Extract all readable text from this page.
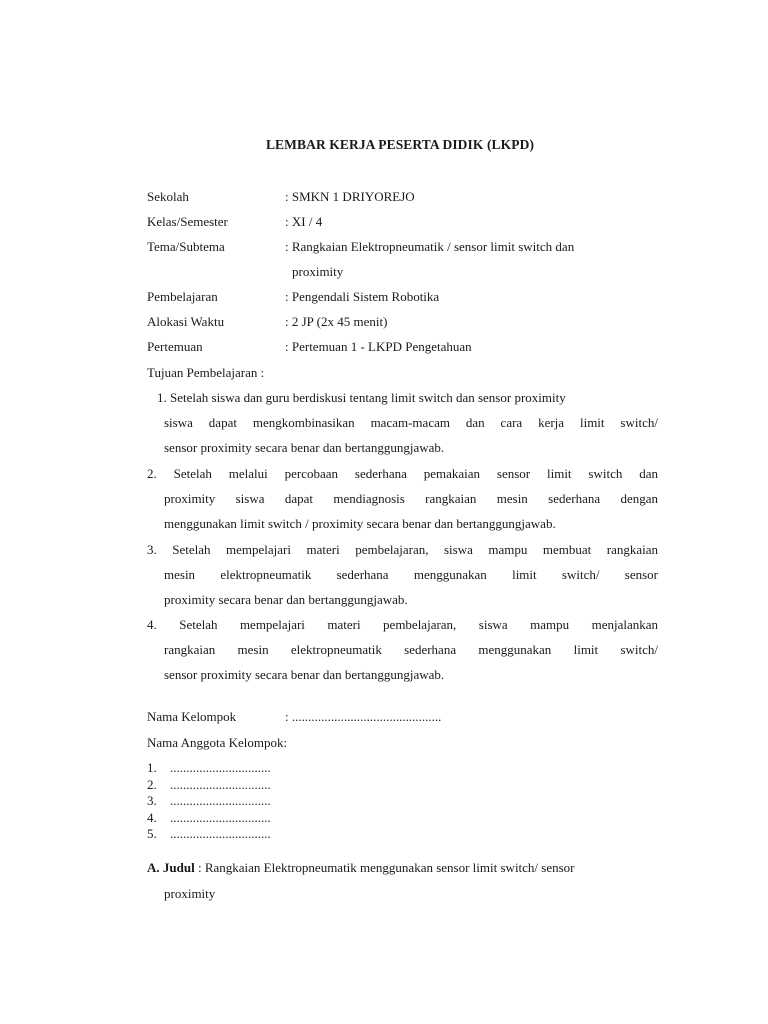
LEMBAR KERJA PESERTA DIDIK (LKPD)
Sekolah	: SMKN 1 DRIYOREJO
Kelas/Semester	: XI / 4
Tema/Subtema	: Rangkaian Elektropneumatik / sensor limit switch dan
proximity
Pembelajaran	: Pengendali Sistem Robotika
Alokasi Waktu	: 2 JP (2x 45 menit)
Pertemuan	: Pertemuan 1 - LKPD Pengetahuan
Tujuan Pembelajaran :
1. Setelah siswa dan guru berdiskusi tentang limit switch dan sensor proximity
siswa dapat mengkombinasikan macam-macam dan cara kerja limit switch/
sensor proximity secara benar dan bertanggungjawab.
2. Setelah melalui percobaan sederhana pemakaian sensor limit switch dan
proximity siswa dapat mendiagnosis rangkaian mesin sederhana dengan
menggunakan limit switch / proximity secara benar dan bertanggungjawab.
3. Setelah mempelajari materi pembelajaran, siswa mampu membuat rangkaian
mesin elektropneumatik sederhana menggunakan limit switch/ sensor
proximity secara benar dan bertanggungjawab.
4. Setelah mempelajari materi pembelajaran, siswa mampu menjalankan
rangkaian mesin elektropneumatik sederhana menggunakan limit switch/
sensor proximity secara benar dan bertanggungjawab.
Nama Kelompok	: ..............................................
Nama Anggota Kelompok:
1. ...............................
2. ...............................
3. ...............................
4. ...............................
5. ...............................
A. Judul : Rangkaian Elektropneumatik menggunakan sensor limit switch/ sensor
proximity
